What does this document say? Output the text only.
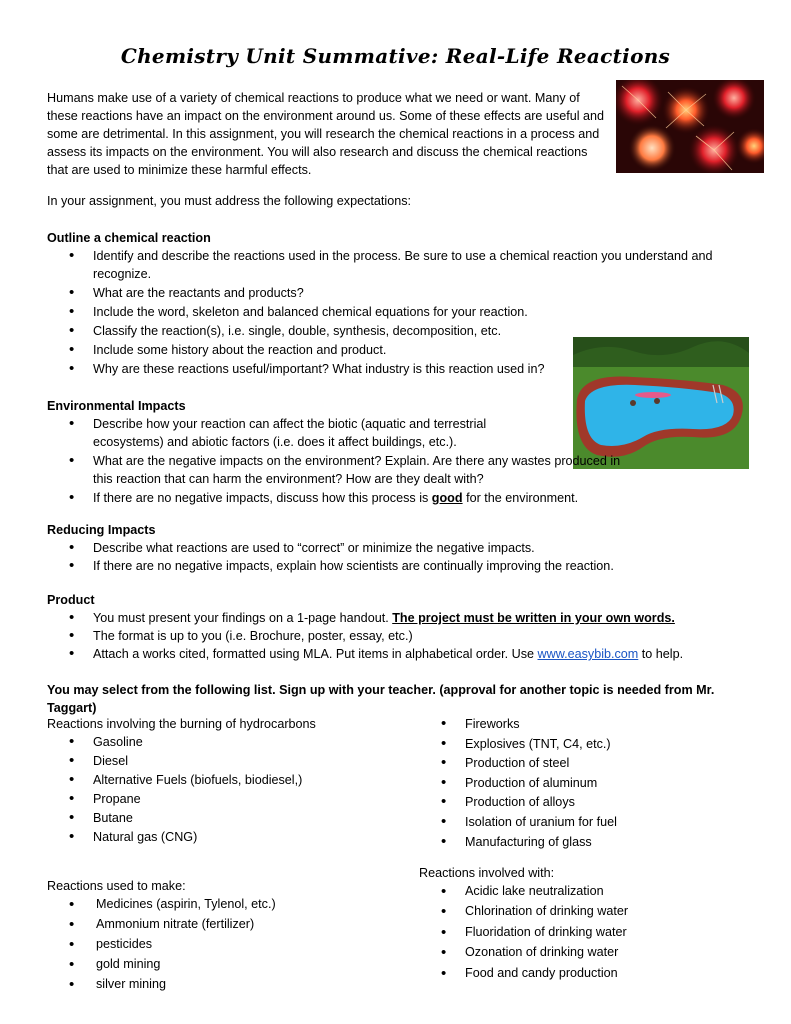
Chemistry Unit Summative: Real-Life Reactions
Humans make use of a variety of chemical reactions to produce what we need or want. Many of these reactions have an impact on the environment around us. Some of these effects are useful and some are detrimental. In this assignment, you will research the chemical reactions in a process and assess its impacts on the environment. You will also research and discuss the chemical reactions that are used to minimize these harmful effects.
In your assignment, you must address the following expectations:
Outline a chemical reaction
• Identify and describe the reactions used in the process. Be sure to use a chemical reaction you understand and recognize.
• What are the reactants and products?
• Include the word, skeleton and balanced chemical equations for your reaction.
• Classify the reaction(s), i.e. single, double, synthesis, decomposition, etc.
• Include some history about the reaction and product.
• Why are these reactions useful/important? What industry is this reaction used in?
Environmental Impacts
• Describe how your reaction can affect the biotic (aquatic and terrestrial ecosystems) and abiotic factors (i.e. does it affect buildings, etc.).
• What are the negative impacts on the environment? Explain. Are there any wastes produced in this reaction that can harm the environment? How are they dealt with?
• If there are no negative impacts, discuss how this process is good for the environment.
Reducing Impacts
• Describe what reactions are used to “correct” or minimize the negative impacts.
• If there are no negative impacts, explain how scientists are continually improving the reaction.
Product
• You must present your findings on a 1-page handout. The project must be written in your own words.
• The format is up to you (i.e. Brochure, poster, essay, etc.)
• Attach a works cited, formatted using MLA. Put items in alphabetical order. Use www.easybib.com to help.
You may select from the following list. Sign up with your teacher. (approval for another topic is needed from Mr. Taggart)
Reactions involving the burning of hydrocarbons
• Gasoline
• Diesel
• Alternative Fuels (biofuels, biodiesel,)
• Propane
• Butane
• Natural gas (CNG)
Reactions used to make:
• Medicines (aspirin, Tylenol, etc.)
• Ammonium nitrate (fertilizer)
• pesticides
• gold mining
• silver mining
• Fireworks
• Explosives (TNT, C4, etc.)
• Production of steel
• Production of aluminum
• Production of alloys
• Isolation of uranium for fuel
• Manufacturing of glass
Reactions involved with:
• Acidic lake neutralization
• Chlorination of drinking water
• Fluoridation of drinking water
• Ozonation of drinking water
• Food and candy production
